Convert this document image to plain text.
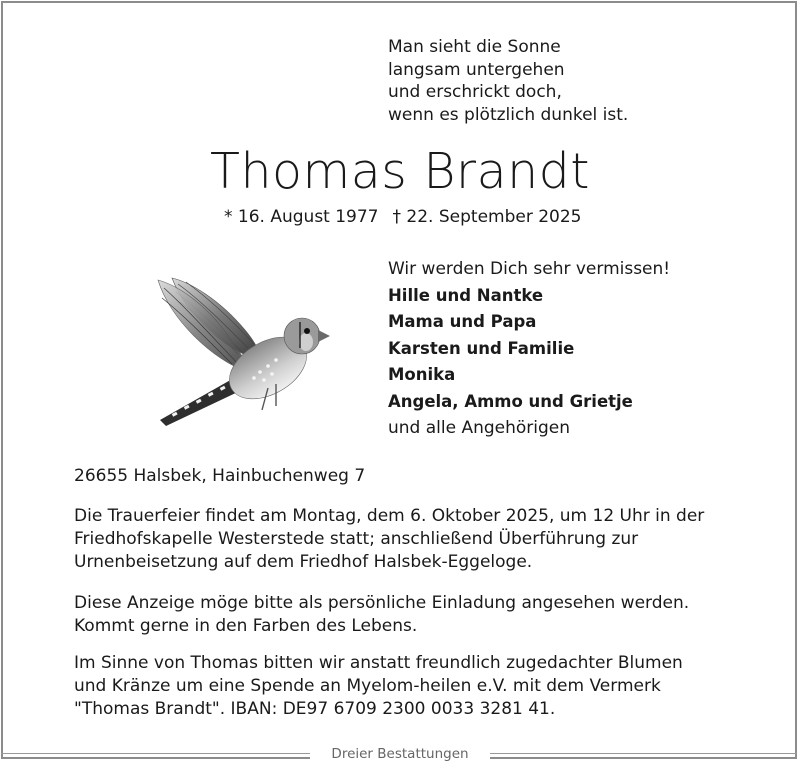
Man sieht die Sonne
langsam untergehen
und erschrickt doch,
wenn es plötzlich dunkel ist.
Thomas Brandt
* 16. August 1977 † 22. September 2025
Wir werden Dich sehr vermissen!
Hille und Nantke
Mama und Papa
Karsten und Familie
Monika
Angela, Ammo und Grietje
und alle Angehörigen
26655 Halsbek, Hainbuchenweg 7
Die Trauerfeier findet am Montag, dem 6. Oktober 2025, um 12 Uhr in der
Friedhofskapelle Westerstede statt; anschließend Überführung zur
Urnenbeisetzung auf dem Friedhof Halsbek-Eggeloge.
Diese Anzeige möge bitte als persönliche Einladung angesehen werden.
Kommt gerne in den Farben des Lebens.
Im Sinne von Thomas bitten wir anstatt freundlich zugedachter Blumen
und Kränze um eine Spende an Myelom-heilen e.V. mit dem Vermerk
"Thomas Brandt". IBAN: DE97 6709 2300 0033 3281 41.
Dreier Bestattungen
